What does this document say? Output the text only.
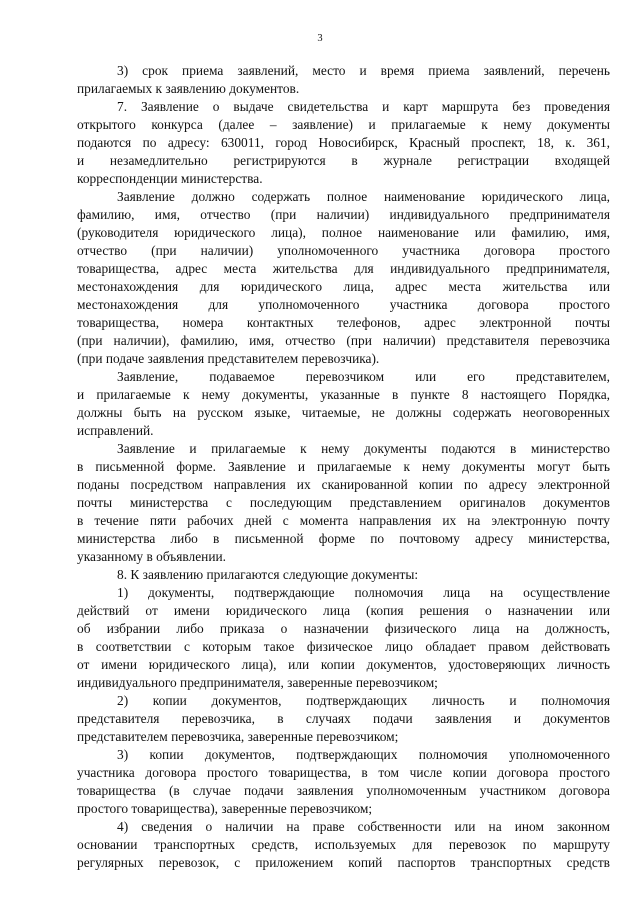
3
3) срок приема заявлений, место и время приема заявлений, перечень
прилагаемых к заявлению документов.
7. Заявление о выдаче свидетельства и карт маршрута без проведения
открытого конкурса (далее – заявление) и прилагаемые к нему документы
подаются по адресу: 630011, город Новосибирск, Красный проспект, 18, к. 361,
и незамедлительно регистрируются в журнале регистрации входящей
корреспонденции министерства.
Заявление должно содержать полное наименование юридического лица,
фамилию, имя, отчество (при наличии) индивидуального предпринимателя
(руководителя юридического лица), полное наименование или фамилию, имя,
отчество (при наличии) уполномоченного участника договора простого
товарищества, адрес места жительства для индивидуального предпринимателя,
местонахождения для юридического лица, адрес места жительства или
местонахождения для уполномоченного участника договора простого
товарищества, номера контактных телефонов, адрес электронной почты
(при наличии), фамилию, имя, отчество (при наличии) представителя перевозчика
(при подаче заявления представителем перевозчика).
Заявление, подаваемое перевозчиком или его представителем,
и прилагаемые к нему документы, указанные в пункте 8 настоящего Порядка,
должны быть на русском языке, читаемые, не должны содержать неоговоренных
исправлений.
Заявление и прилагаемые к нему документы подаются в министерство
в письменной форме. Заявление и прилагаемые к нему документы могут быть
поданы посредством направления их сканированной копии по адресу электронной
почты министерства с последующим представлением оригиналов документов
в течение пяти рабочих дней с момента направления их на электронную почту
министерства либо в письменной форме по почтовому адресу министерства,
указанному в объявлении.
8. К заявлению прилагаются следующие документы:
1) документы, подтверждающие полномочия лица на осуществление
действий от имени юридического лица (копия решения о назначении или
об избрании либо приказа о назначении физического лица на должность,
в соответствии с которым такое физическое лицо обладает правом действовать
от имени юридического лица), или копии документов, удостоверяющих личность
индивидуального предпринимателя, заверенные перевозчиком;
2) копии документов, подтверждающих личность и полномочия
представителя перевозчика, в случаях подачи заявления и документов
представителем перевозчика, заверенные перевозчиком;
3) копии документов, подтверждающих полномочия уполномоченного
участника договора простого товарищества, в том числе копии договора простого
товарищества (в случае подачи заявления уполномоченным участником договора
простого товарищества), заверенные перевозчиком;
4) сведения о наличии на праве собственности или на ином законном
основании транспортных средств, используемых для перевозок по маршруту
регулярных перевозок, с приложением копий паспортов транспортных средств
